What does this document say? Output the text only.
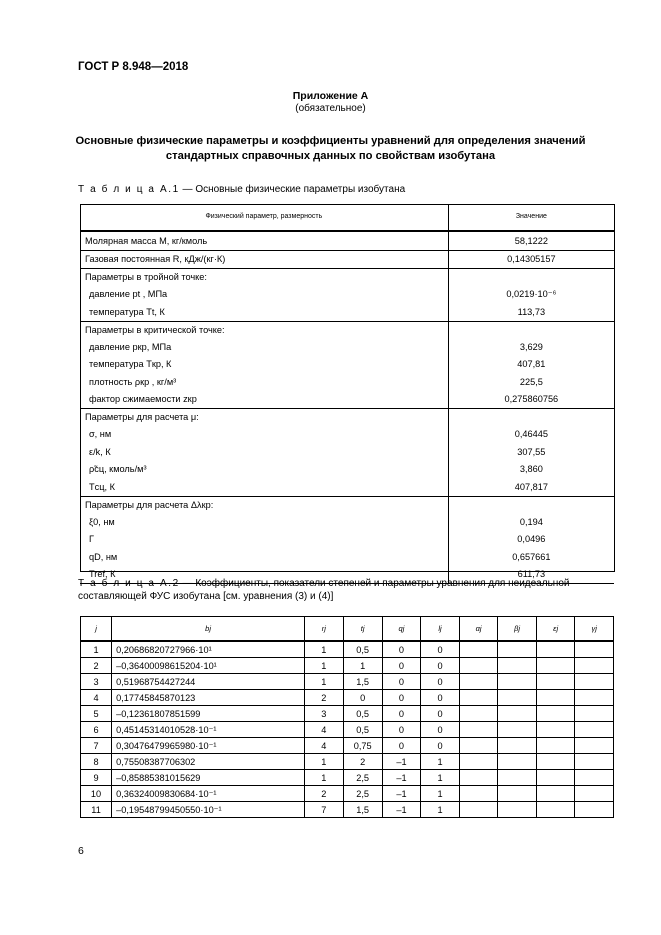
ГОСТ Р 8.948—2018
Приложение А
(обязательное)
Основные физические параметры и коэффициенты уравнений для определения значений
стандартных справочных данных по свойствам изобутана
Т а б л и ц а А.1 — Основные физические параметры изобутана
Физический параметр, размерность	Значение
Молярная масса M, кг/кмоль	58,1222
Газовая постоянная R, кДж/(кг·К)	0,14305157
Параметры в тройной точке:	
давление pt , МПа	0,0219·10⁻⁶
температура Tt, К	113,73
Параметры в критической точке:	
давление pкр, МПа	3,629
температура Tкр, К	407,81
плотность ρкр , кг/м³	225,5
фактор сжимаемости zкр	0,275860756
Параметры для расчета μ:	
σ, нм	0,46445
ε/k, К	307,55
ρ̃сц, кмоль/м³	3,860
Tсц, К	407,817
Параметры для расчета Δλкр:	
ξ0, нм	0,194
Γ	0,0496
qD, нм	0,657661
Tref, К	611,73
Т а б л и ц а А.2 — Коэффициенты, показатели степеней и параметры уравнения для неидеальной составляющей ФУС изобутана [см. уравнения (3) и (4)]
j	bj	rj	tj	qj	lj	αj	βj	εj	γj
1	0,20686820727966·10¹	1	0,5	0	0				
2	–0,36400098615204·10¹	1	1	0	0				
3	0,51968754427244	1	1,5	0	0				
4	0,17745845870123	2	0	0	0				
5	–0,12361807851599	3	0,5	0	0				
6	0,45145314010528·10⁻¹	4	0,5	0	0				
7	0,30476479965980·10⁻¹	4	0,75	0	0				
8	0,75508387706302	1	2	–1	1				
9	–0,85885381015629	1	2,5	–1	1				
10	0,36324009830684·10⁻¹	2	2,5	–1	1				
11	–0,19548799450550·10⁻¹	7	1,5	–1	1				
6
